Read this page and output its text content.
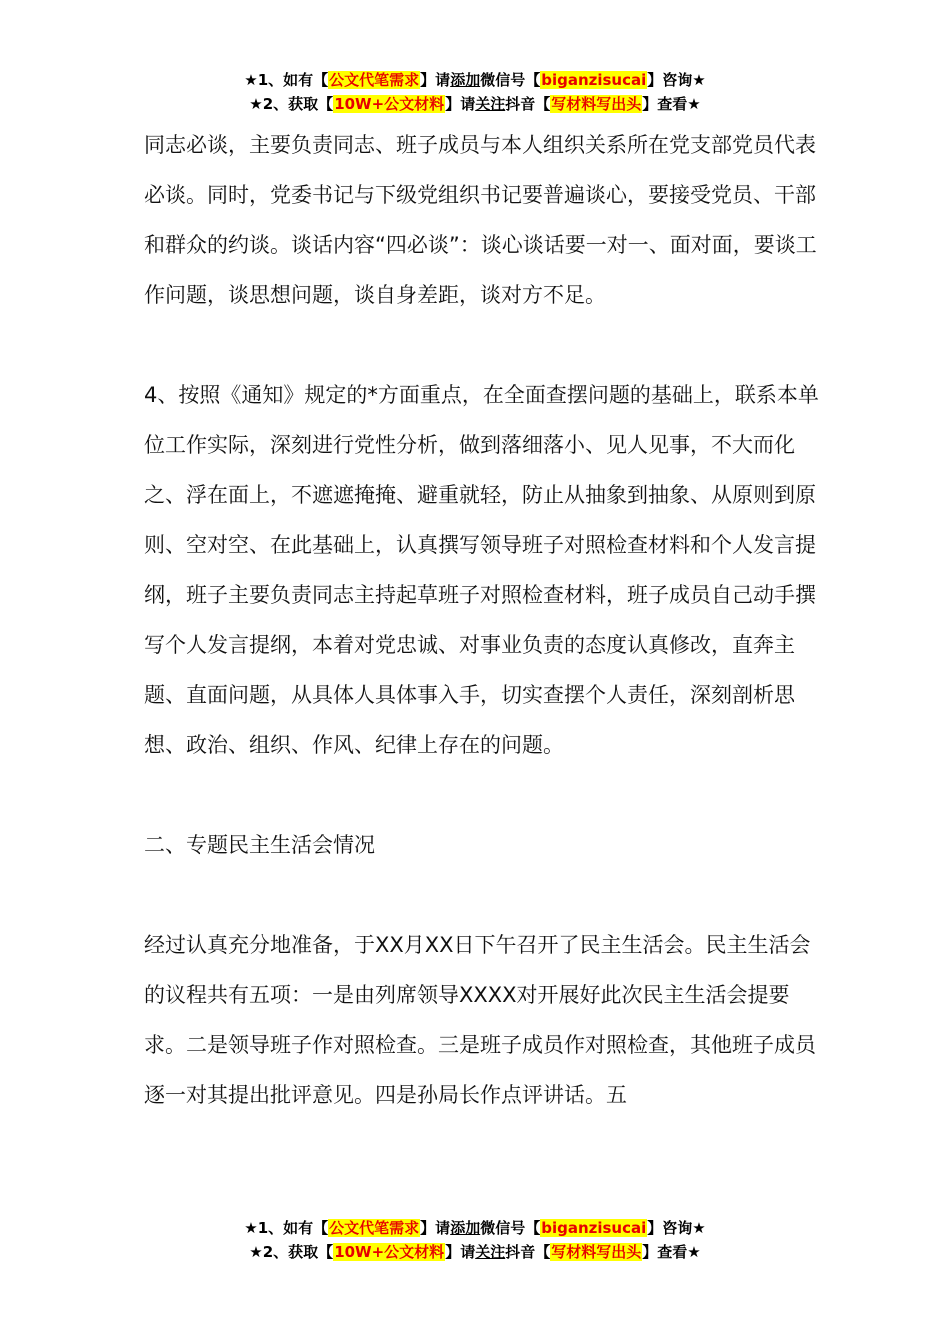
★1、如有【公文代笔需求】请添加微信号【biganzisucai】咨询★
★2、获取【10W+公文材料】请关注抖音【写材料写出头】查看★

同志必谈，主要负责同志、班子成员与本人组织关系所在党支部党员代表必谈。同时，党委书记与下级党组织书记要普遍谈心，要接受党员、干部和群众的约谈。谈话内容“四必谈”：谈心谈话要一对一、面对面，要谈工作问题，谈思想问题，谈自身差距，谈对方不足。

4、按照《通知》规定的*方面重点，在全面查摆问题的基础上，联系本单位工作实际，深刻进行党性分析，做到落细落小、见人见事，不大而化之、浮在面上，不遮遮掩掩、避重就轻，防止从抽象到抽象、从原则到原则、空对空、在此基础上，认真撰写领导班子对照检查材料和个人发言提纲，班子主要负责同志主持起草班子对照检查材料，班子成员自己动手撰写个人发言提纲，本着对党忠诚、对事业负责的态度认真修改，直奔主题、直面问题，从具体人具体事入手，切实查摆个人责任，深刻剖析思想、政治、组织、作风、纪律上存在的问题。

二、专题民主生活会情况

经过认真充分地准备，于XX月XX日下午召开了民主生活会。民主生活会的议程共有五项：一是由列席领导XXXX对开展好此次民主生活会提要求。二是领导班子作对照检查。三是班子成员作对照检查，其他班子成员逐一对其提出批评意见。四是孙局长作点评讲话。五

★1、如有【公文代笔需求】请添加微信号【biganzisucai】咨询★
★2、获取【10W+公文材料】请关注抖音【写材料写出头】查看★
